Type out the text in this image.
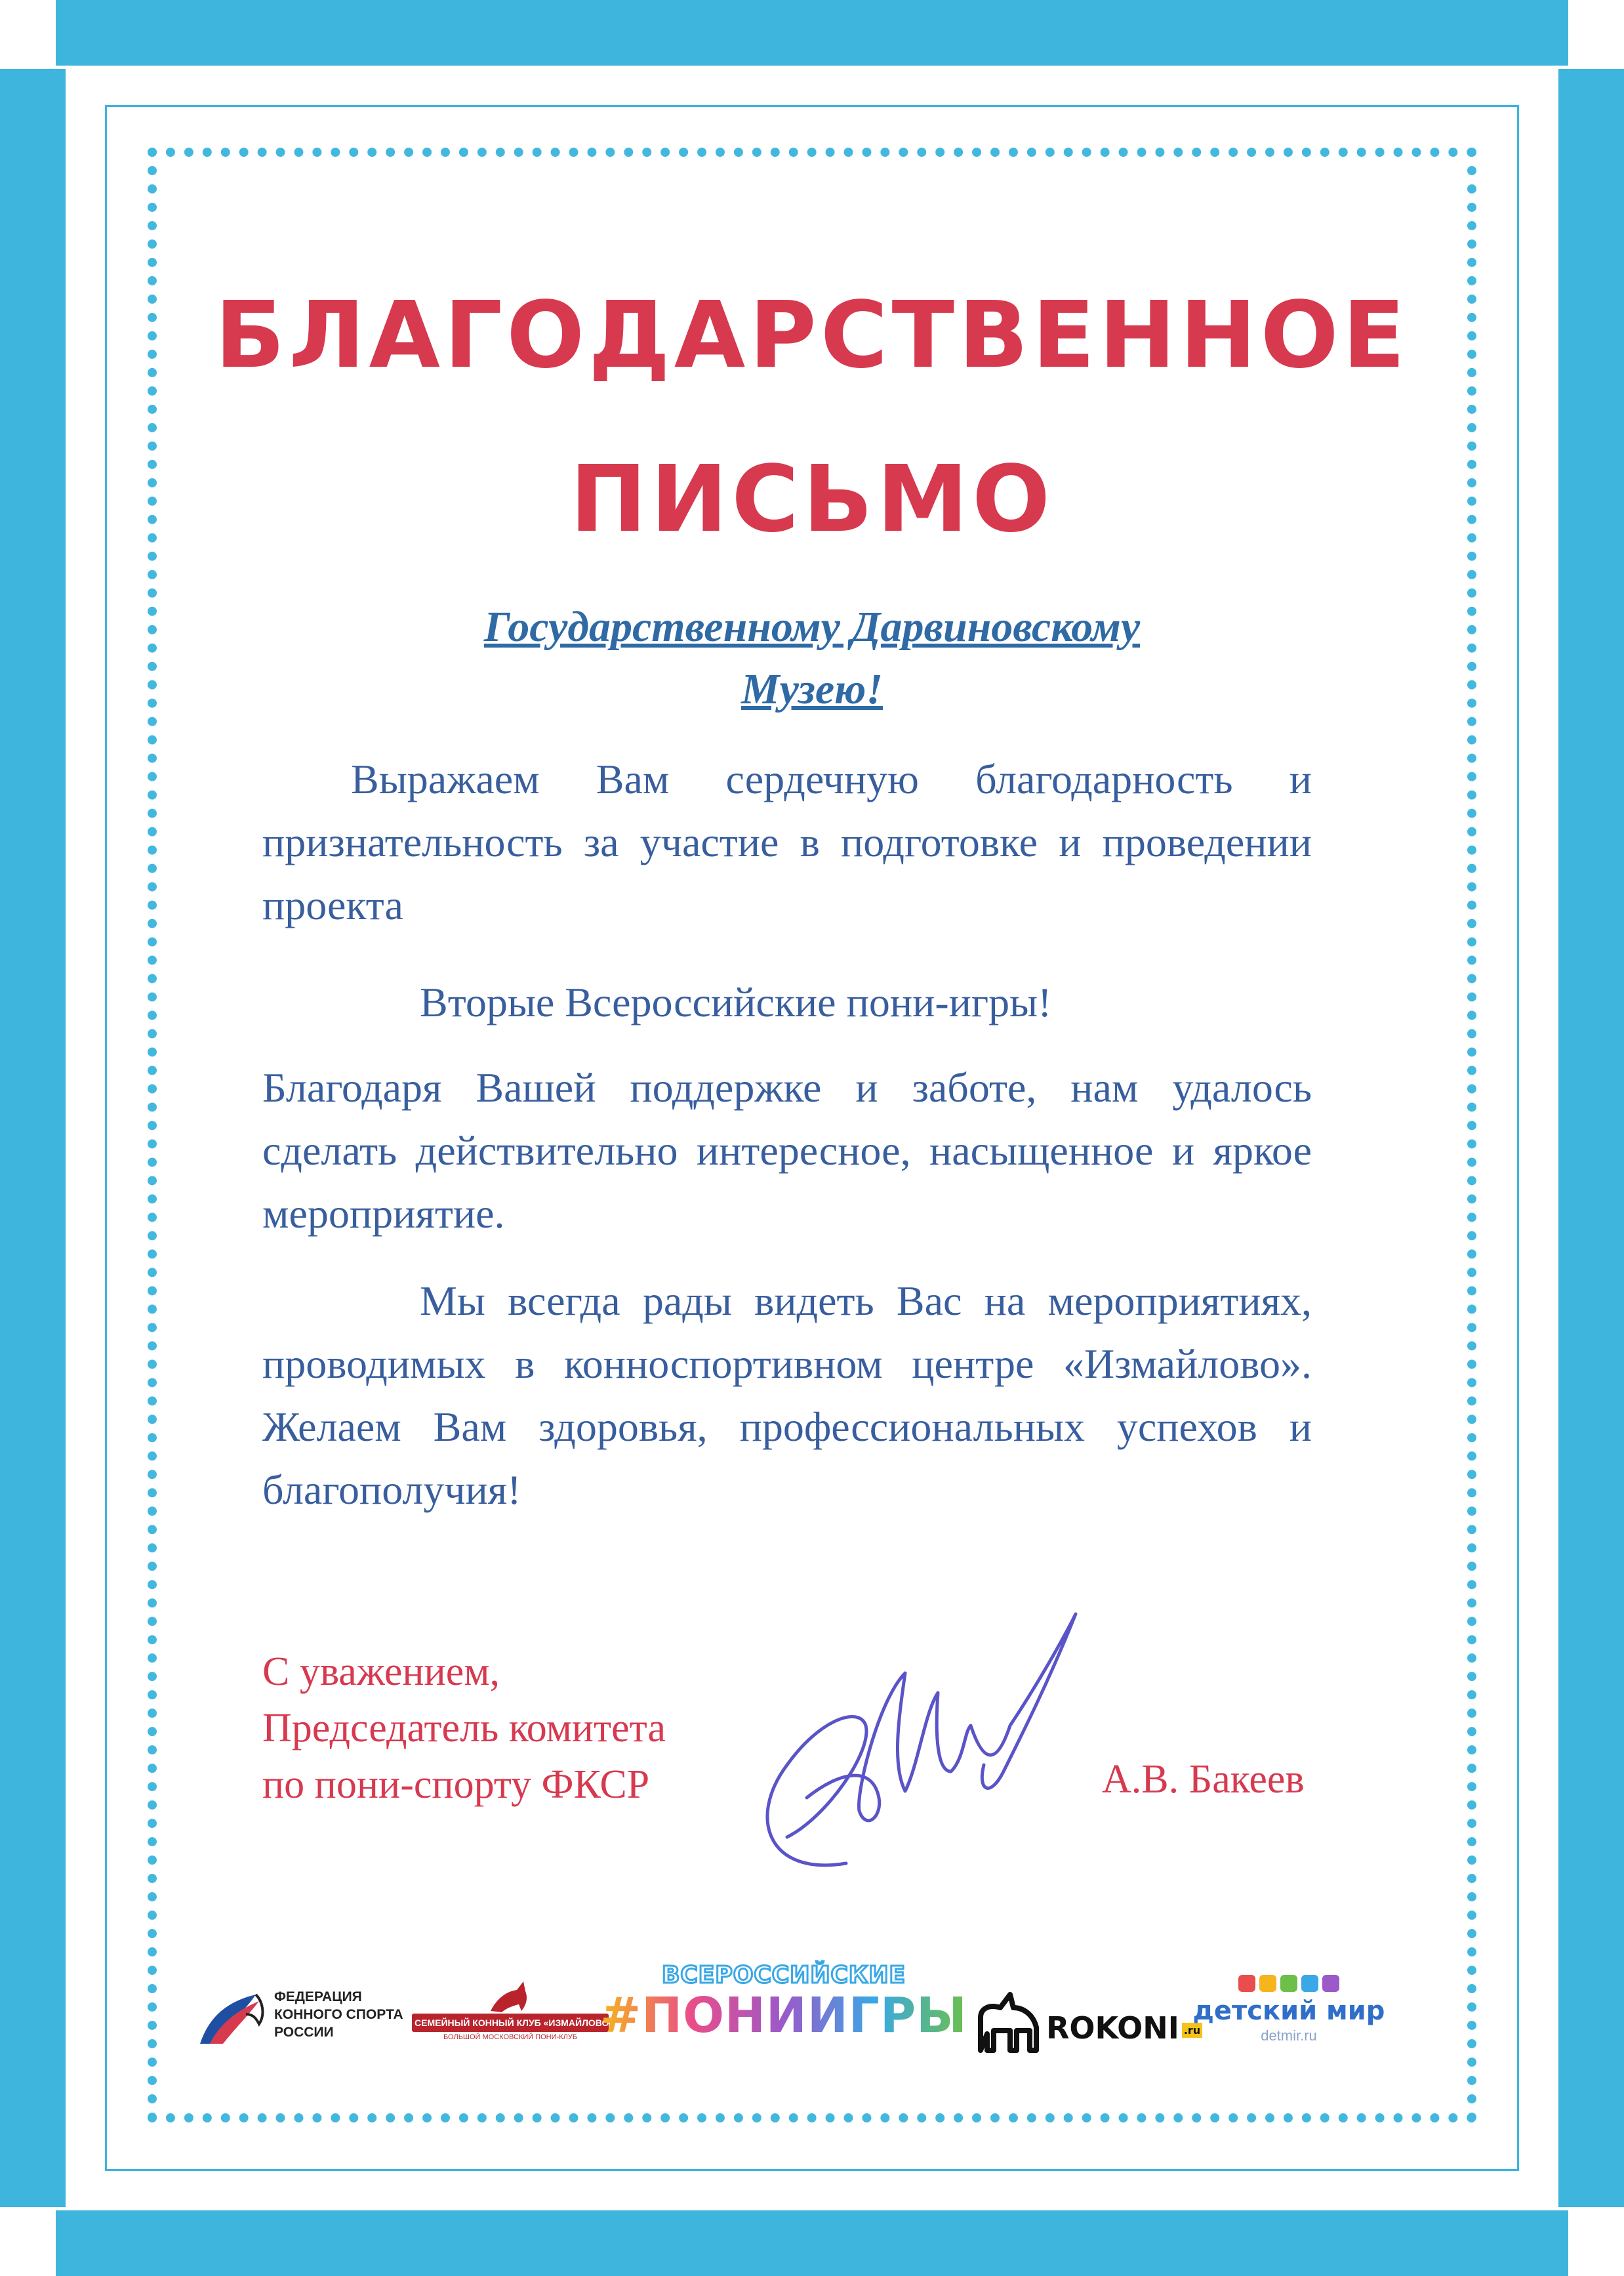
БЛАГОДАРСТВЕННОЕ
ПИСЬМО
Государственному Дарвиновскому
Музею!

Выражаем Вам сердечную благодарность и признательность за участие в подготовке и проведении проекта

Вторые Всероссийские пони-игры!

Благодаря Вашей поддержке и заботе, нам удалось сделать действительно интересное, насыщенное и яркое мероприятие.

Мы всегда рады видеть Вас на мероприятиях, проводимых в конноспортивном центре «Измайлово». Желаем Вам здоровья, профессиональных успехов и благополучия!

С уважением,
Председатель комитета
по пони-спорту ФКСР	А.В. Бакеев
ФЕДЕРАЦИЯ
КОННОГО СПОРТА
РОССИИ
СЕМЕЙНЫЙ КОННЫЙ КЛУБ «ИЗМАЙЛОВО»
БОЛЬШОЙ МОСКОВСКИЙ ПОНИ-КЛУБ
ВСЕРОССИЙСКИЕ
#ПОНИИГРЫ	ROKONI .ru
детский мир
detmir.ru
